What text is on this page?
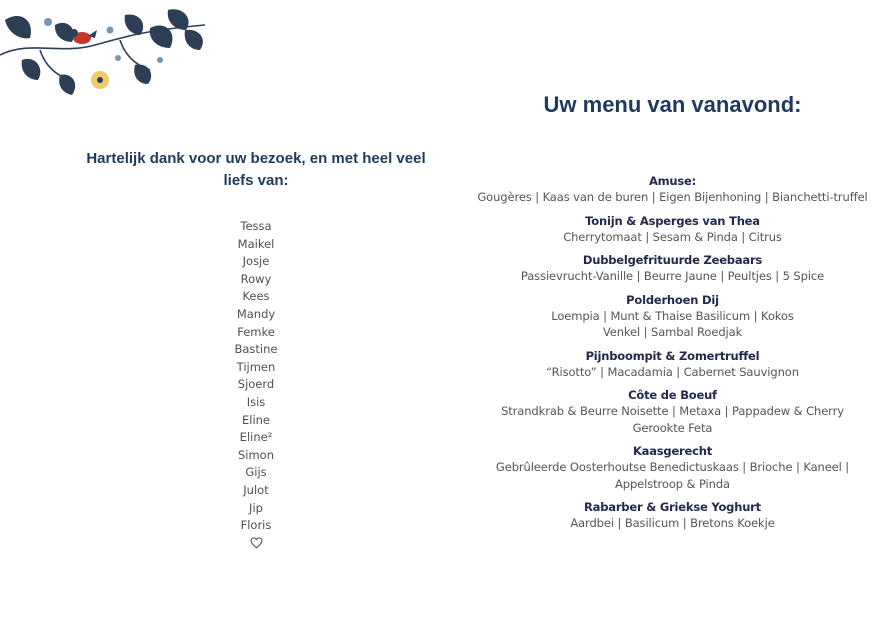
Hartelijk dank voor uw bezoek, en met heel veel liefs van:

Tessa
Maikel
Josje
Rowy
Kees
Mandy
Femke
Bastine
Tijmen
Sjoerd
Isis
Eline
Eline²
Simon
Gijs
Julot
Jip
Floris
Uw menu van vanavond:
Amuse:
Gougères | Kaas van de buren | Eigen Bijenhoning | Bianchetti-truffel
Tonijn & Asperges van Thea
Cherrytomaat | Sesam & Pinda | Citrus
Dubbelgefrituurde Zeebaars
Passievrucht-Vanille | Beurre Jaune | Peultjes | 5 Spice
Polderhoen Dij
Loempia | Munt & Thaise Basilicum | Kokos
Venkel | Sambal Roedjak
Pijnboompit & Zomertruffel
“Risotto” | Macadamia | Cabernet Sauvignon
Côte de Boeuf
Strandkrab & Beurre Noisette | Metaxa | Pappadew & Cherry
Gerookte Feta
Kaasgerecht
Gebrûleerde Oosterhoutse Benedictuskaas | Brioche | Kaneel |
Appelstroop & Pinda
Rabarber & Griekse Yoghurt
Aardbei | Basilicum | Bretons Koekje
